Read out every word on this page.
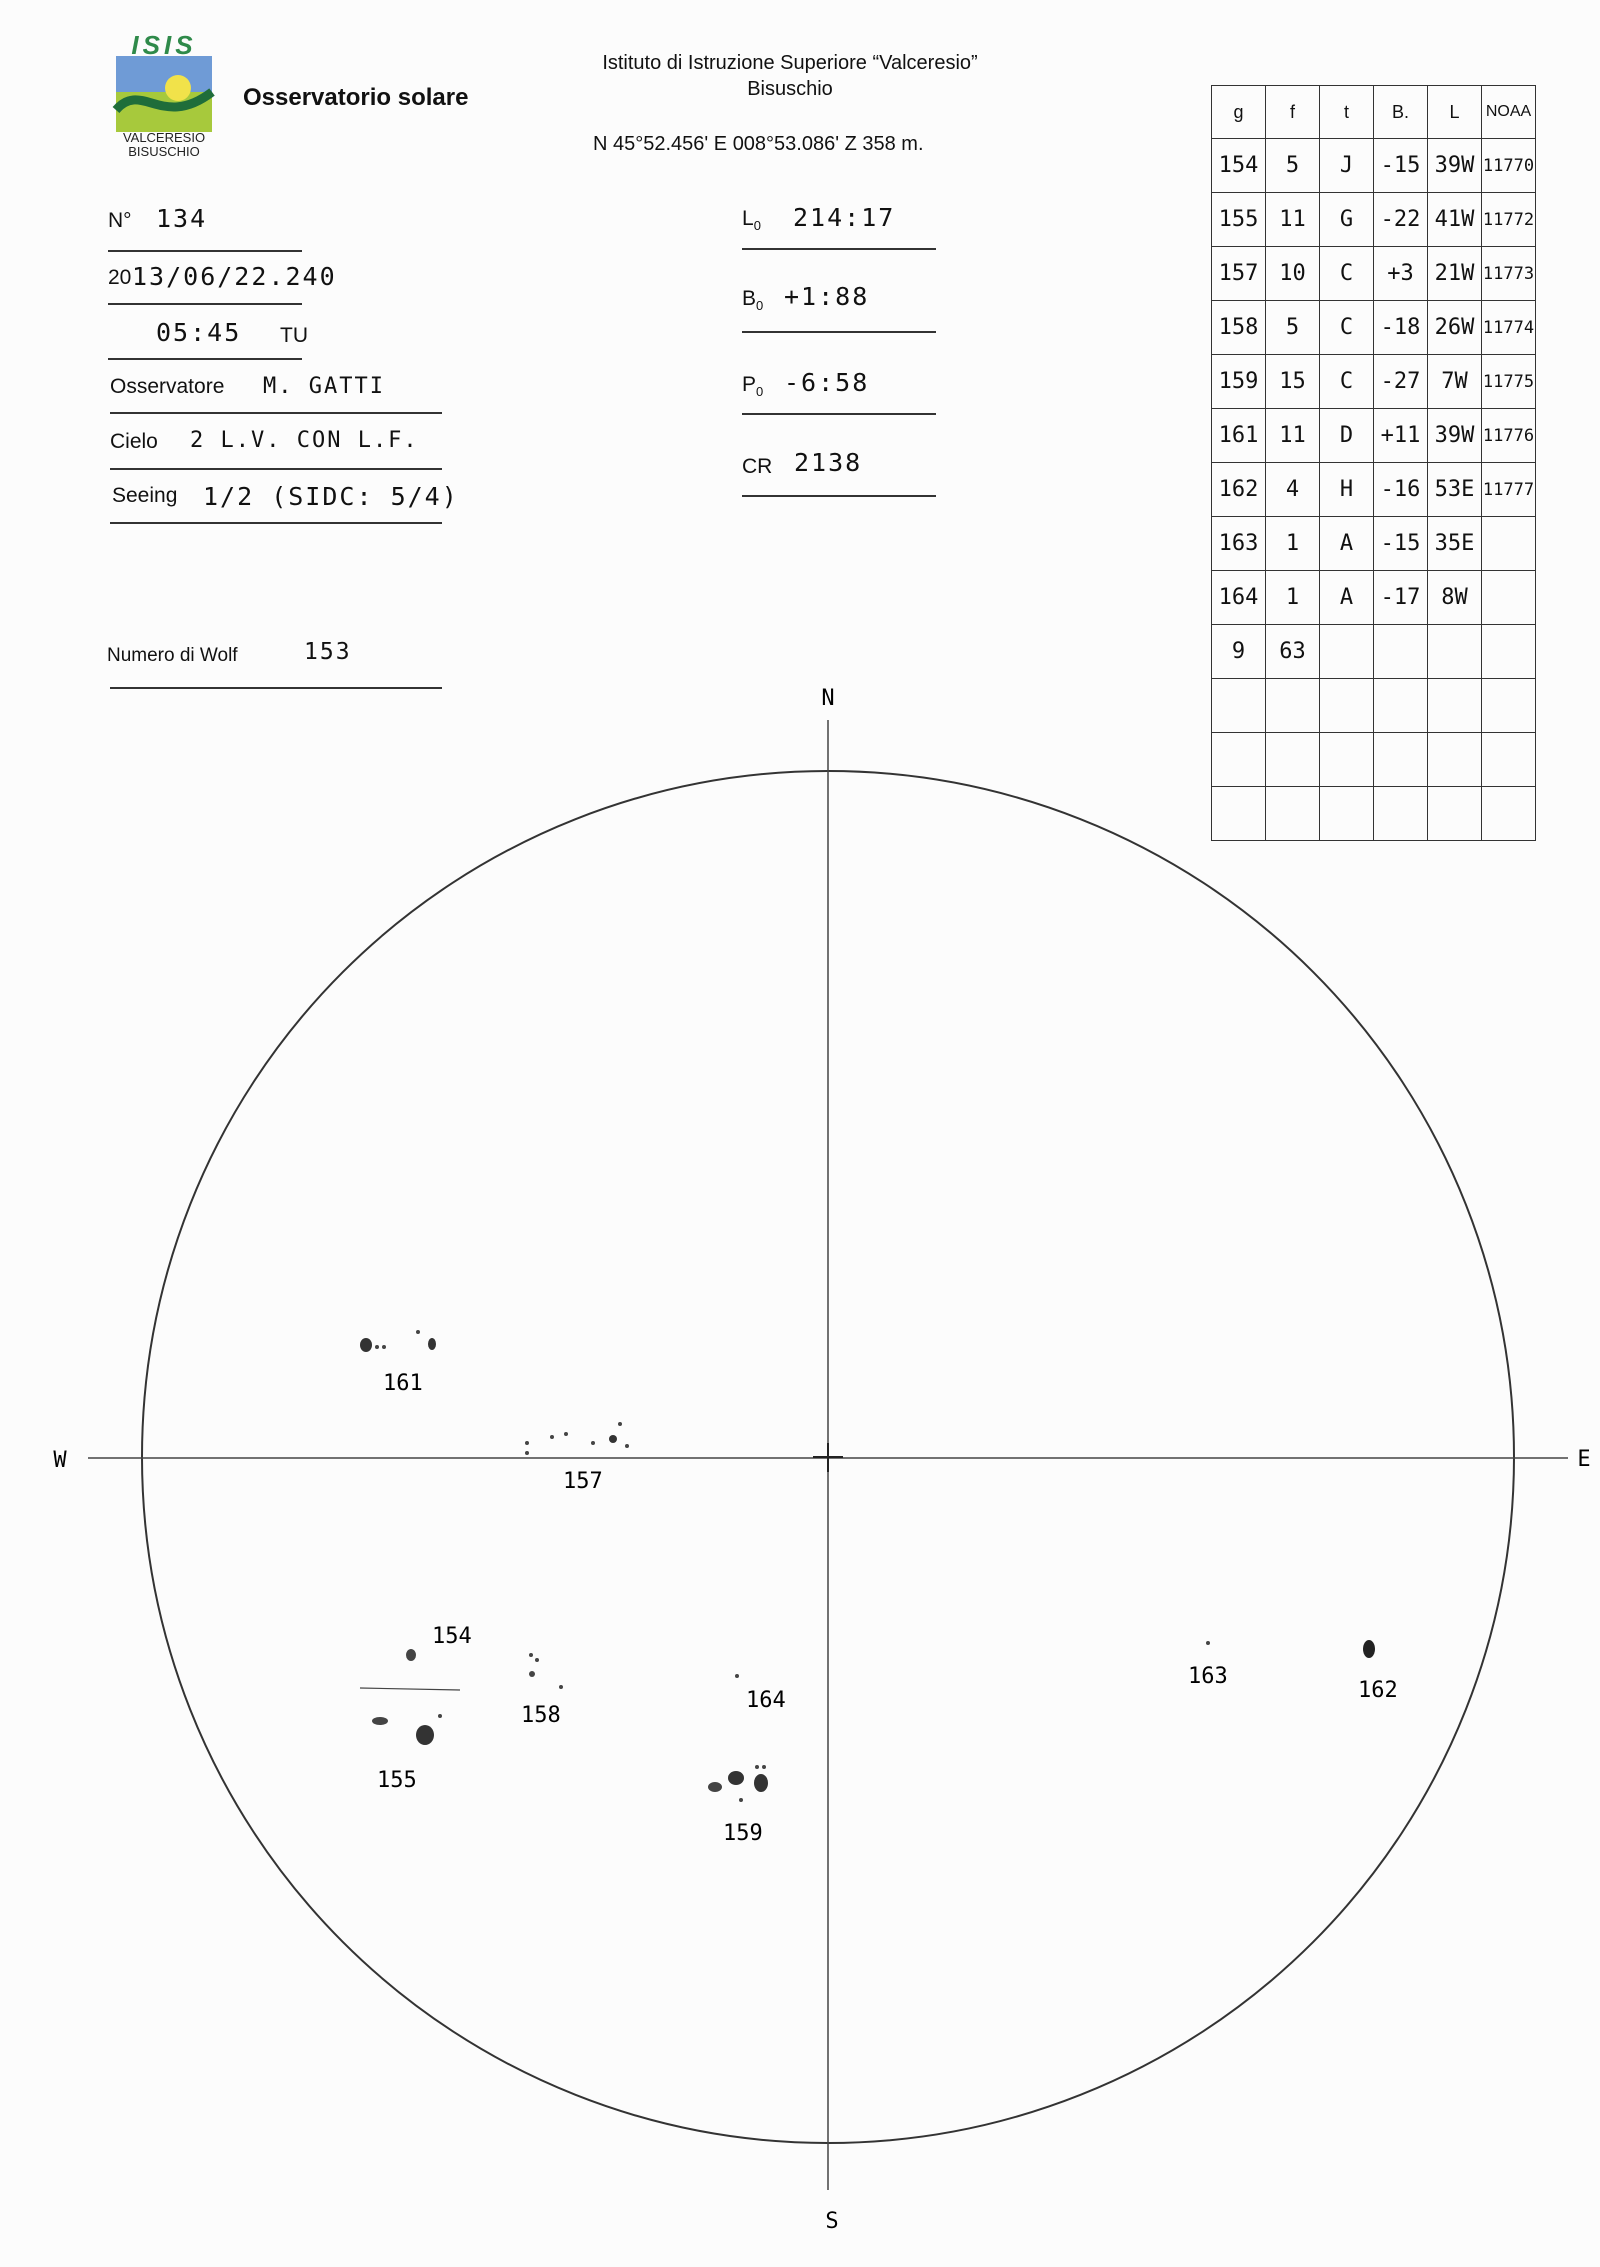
ISIS
VALCERESIO
BISUSCHIO
Osservatorio solare
Istituto di Istruzione Superiore “Valceresio”
Bisuschio
N 45°52.456' E 008°53.086' Z 358 m.
N° 134
20 13/06/22.240
05:45 TU
Osservatore M. GATTI
Cielo 2 L.V. CON L.F.
Seeing 1/2 (SIDC: 5/4)
Numero di Wolf	153
$L_0$ 214:17
$B_0$ +1:88
$P_0$ -6:58
CR 2138
g	f	t	B.	L	NOAA
154	5	J	-15	39W	11770
155	11	G	-22	41W	11772
157	10	C	+3	21W	11773
158	5	C	-18	26W	11774
159	15	C	-27	7W	11775
161	11	D	+11	39W	11776
162	4	H	-16	53E	11777
163	1	A	-15	35E	
164	1	A	-17	8W	
9	63				

N
S
W	E
161
157
154
158
155
164
159
163
162
